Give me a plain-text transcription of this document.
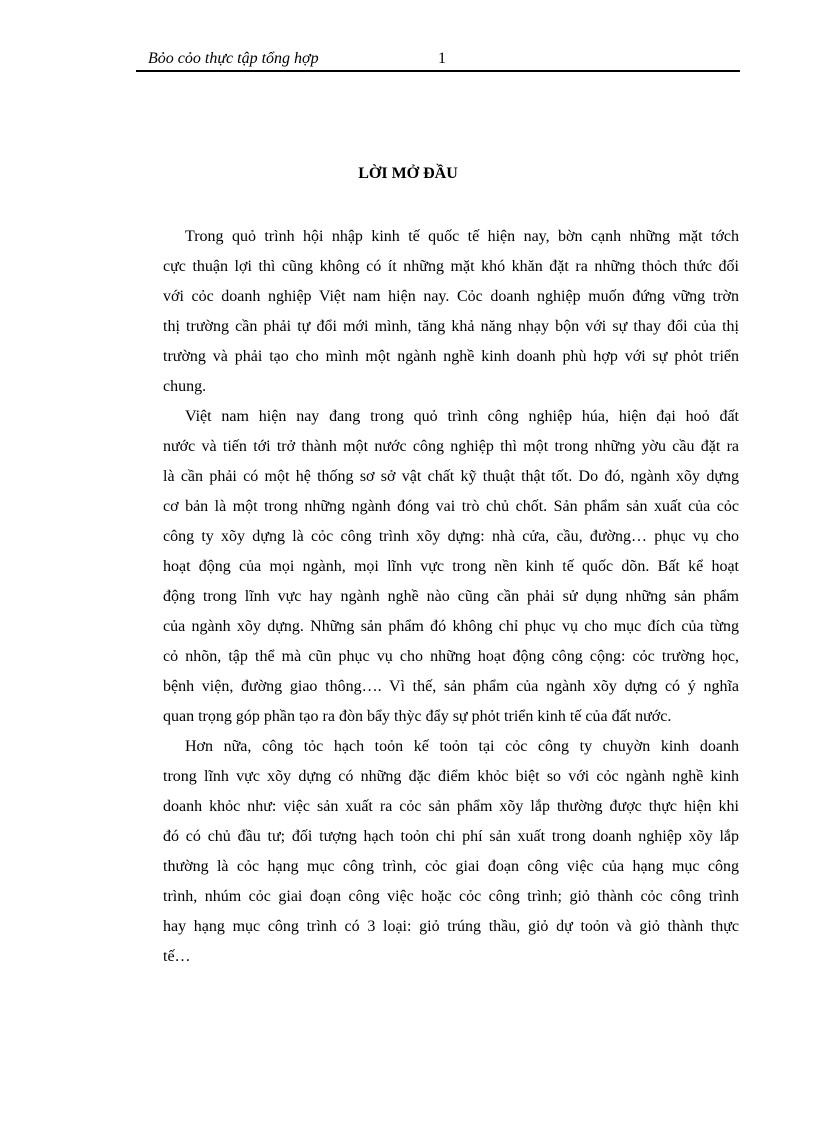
Bỏo cỏo thực tập tổng hợp	1
LỜI MỞ ĐẦU
Trong quỏ trình hội nhập kinh tế quốc tế hiện nay, bờn cạnh những mặt tớch
cực thuận lợi thì cũng không có ít những mặt khó khăn đặt ra những thỏch thức đối
với cỏc doanh nghiệp Việt nam hiện nay. Cỏc doanh nghiệp muốn đứng vững trờn
thị trường cần phải tự đổi mới mình, tăng khả năng nhạy bộn với sự thay đổi của thị
trường và phải tạo cho mình một ngành nghề kinh doanh phù hợp với sự phỏt triển
chung.
Việt nam hiện nay đang trong quỏ trình công nghiệp húa, hiện đại hoỏ đất
nước và tiến tới trở thành một nước công nghiệp thì một trong những yờu cầu đặt ra
là cần phải có một hệ thống sơ sở vật chất kỹ thuật thật tốt. Do đó, ngành xõy dựng
cơ bản là một trong những ngành đóng vai trò chủ chốt. Sản phẩm sản xuất của cỏc
công ty xõy dựng là cỏc công trình xõy dựng: nhà cửa, cầu, đường… phục vụ cho
hoạt động của mọi ngành, mọi lĩnh vực trong nền kinh tế quốc dõn. Bất kể hoạt
động trong lĩnh vực hay ngành nghề nào cũng cần phải sử dụng những sản phẩm
của ngành xõy dựng. Những sản phẩm đó không chỉ phục vụ cho mục đích của từng
cỏ nhõn, tập thể mà cũn phục vụ cho những hoạt động công cộng: cỏc trường học,
bệnh viện, đường giao thông…. Vì thế, sản phẩm của ngành xõy dựng có ý nghĩa
quan trọng góp phần tạo ra đòn bẩy thỳc đẩy sự phỏt triển kinh tế của đất nước.
Hơn nữa, công tỏc hạch toỏn kế toỏn tại cỏc công ty chuyờn kinh doanh
trong lĩnh vực xõy dựng có những đặc điểm khỏc biệt so với cỏc ngành nghề kinh
doanh khỏc như: việc sản xuất ra cỏc sản phẩm xõy lắp thường được thực hiện khi
đó có chủ đầu tư; đối tượng hạch toỏn chi phí sản xuất trong doanh nghiệp xõy lắp
thường là cỏc hạng mục công trình, cỏc giai đoạn công việc của hạng mục công
trình, nhúm cỏc giai đoạn công việc hoặc cỏc công trình; giỏ thành cỏc công trình
hay hạng mục công trình có 3 loại: giỏ trúng thầu, giỏ dự toỏn và giỏ thành thực
tế…
